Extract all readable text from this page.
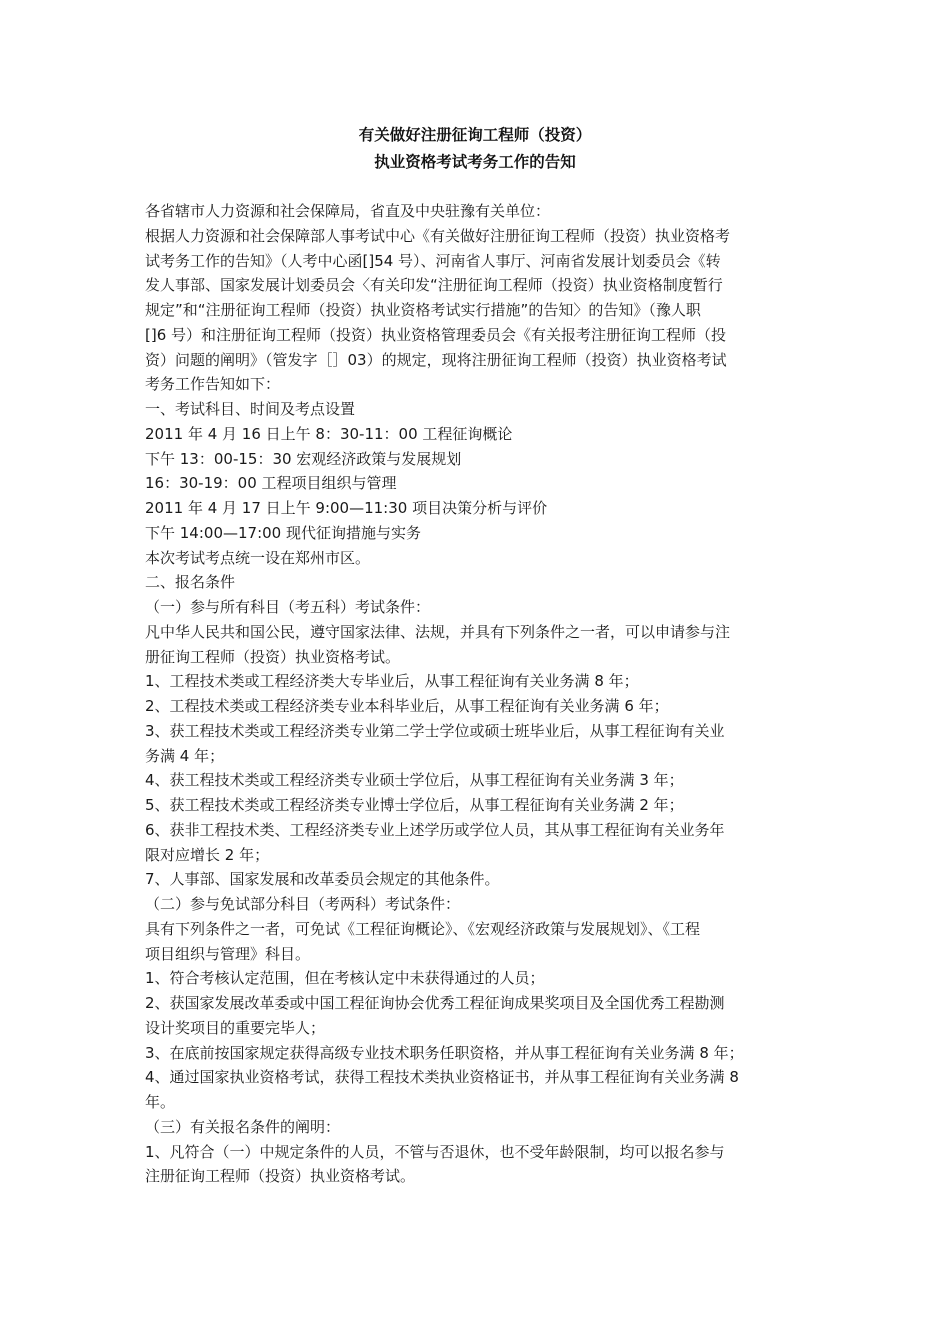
有关做好注册征询工程师（投资）
执业资格考试考务工作的告知
各省辖市人力资源和社会保障局，省直及中央驻豫有关单位：
根据人力资源和社会保障部人事考试中心《有关做好注册征询工程师（投资）执业资格考
试考务工作的告知》（人考中心函[]54 号）、河南省人事厅、河南省发展计划委员会《转
发人事部、国家发展计划委员会〈有关印发“注册征询工程师（投资）执业资格制度暂行
规定”和“注册征询工程师（投资）执业资格考试实行措施”的告知〉的告知》（豫人职
[]6 号）和注册征询工程师（投资）执业资格管理委员会《有关报考注册征询工程师（投
资）问题的阐明》（管发字［］03）的规定，现将注册征询工程师（投资）执业资格考试
考务工作告知如下：
一、考试科目、时间及考点设置
2011 年 4 月 16 日上午 8：30-11：00 工程征询概论
下午 13：00-15：30 宏观经济政策与发展规划
16：30-19：00 工程项目组织与管理
2011 年 4 月 17 日上午 9:00—11:30 项目决策分析与评价
下午 14:00—17:00 现代征询措施与实务
本次考试考点统一设在郑州市区。
二、报名条件
（一）参与所有科目（考五科）考试条件：
凡中华人民共和国公民，遵守国家法律、法规，并具有下列条件之一者，可以申请参与注
册征询工程师（投资）执业资格考试。
1、工程技术类或工程经济类大专毕业后，从事工程征询有关业务满 8 年；
2、工程技术类或工程经济类专业本科毕业后，从事工程征询有关业务满 6 年；
3、获工程技术类或工程经济类专业第二学士学位或硕士班毕业后，从事工程征询有关业
务满 4 年；
4、获工程技术类或工程经济类专业硕士学位后，从事工程征询有关业务满 3 年；
5、获工程技术类或工程经济类专业博士学位后，从事工程征询有关业务满 2 年；
6、获非工程技术类、工程经济类专业上述学历或学位人员，其从事工程征询有关业务年
限对应增长 2 年；
7、人事部、国家发展和改革委员会规定的其他条件。
（二）参与免试部分科目（考两科）考试条件：
具有下列条件之一者，可免试《工程征询概论》、《宏观经济政策与发展规划》、《工程
项目组织与管理》科目。
1、符合考核认定范围，但在考核认定中未获得通过的人员；
2、获国家发展改革委或中国工程征询协会优秀工程征询成果奖项目及全国优秀工程勘测
设计奖项目的重要完毕人；
3、在底前按国家规定获得高级专业技术职务任职资格，并从事工程征询有关业务满 8 年；
4、通过国家执业资格考试，获得工程技术类执业资格证书，并从事工程征询有关业务满 8
年。
（三）有关报名条件的阐明：
1、凡符合（一）中规定条件的人员，不管与否退休，也不受年龄限制，均可以报名参与
注册征询工程师（投资）执业资格考试。
